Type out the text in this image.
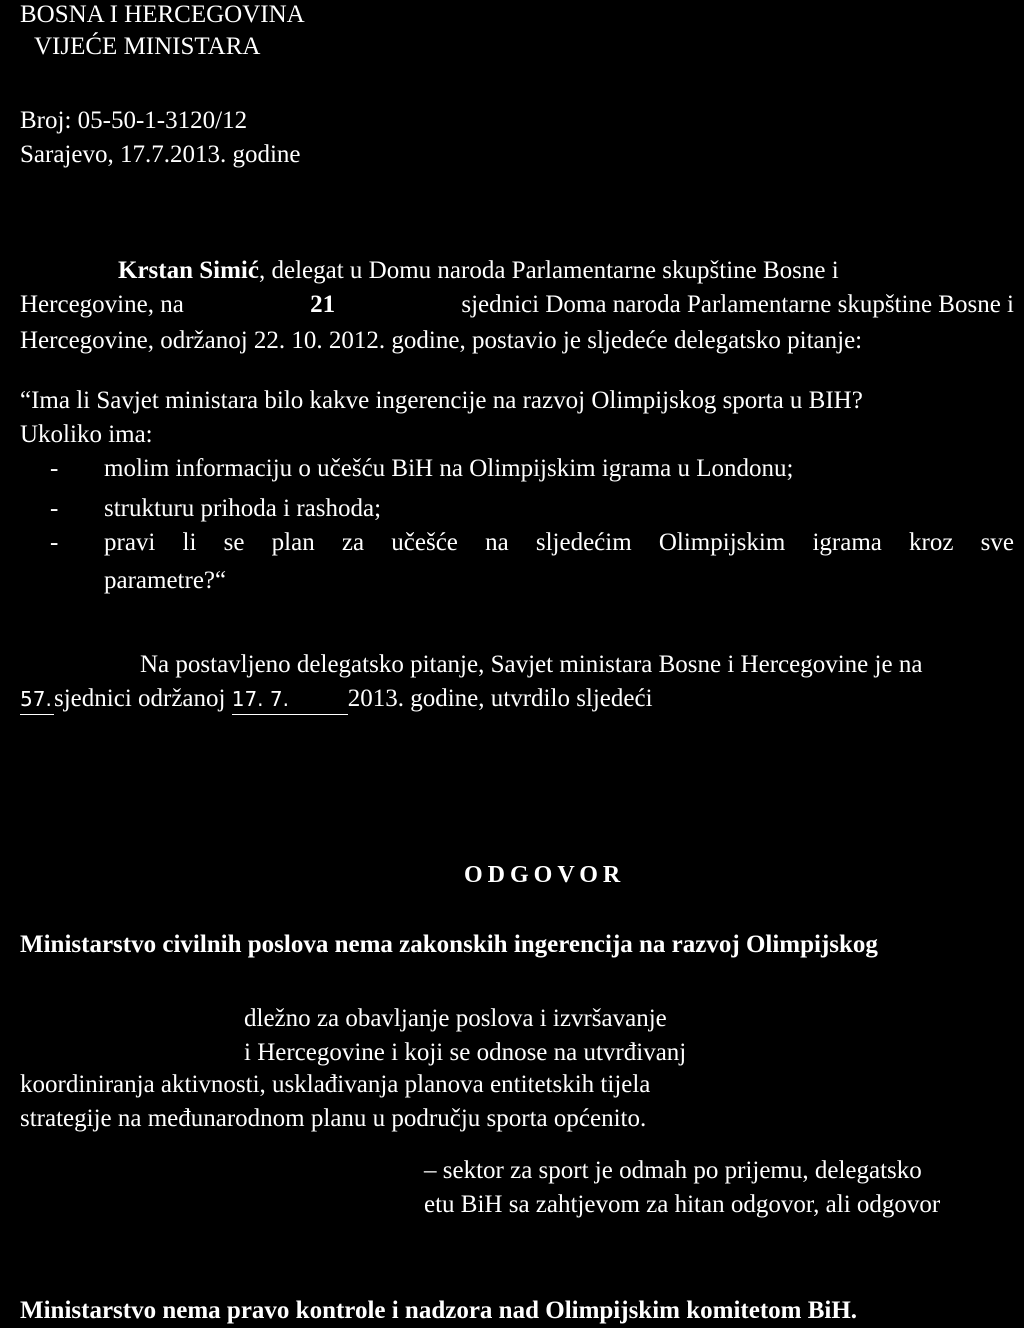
BOSNA I HERCEGOVINA
VIJEĆE MINISTARA
Broj: 05-50-1-3120/12
Sarajevo, 17.7.2013. godine
Krstan Simić, delegat u Domu naroda Parlamentarne skupštine Bosne i
Hercegovine, na	21	sjednici Doma naroda Parlamentarne skupštine Bosne i
Hercegovine, održanoj 22. 10. 2012. godine, postavio je sljedeće delegatsko pitanje:
“Ima li Savjet ministara bilo kakve ingerencije na razvoj Olimpijskog sporta u BIH?
Ukoliko ima:
- molim informaciju o učešću BiH na Olimpijskim igrama u Londonu;
- strukturu prihoda i rashoda;
- pravi li se plan za učešće na sljedećim Olimpijskim igrama kroz sve
parametre?“
Na postavljeno delegatsko pitanje, Savjet ministara Bosne i Hercegovine je na
57.sjednici održanoj 17. 7. 2013. godine, utvrdilo sljedeći
ODGOVOR
Ministarstvo civilnih poslova nema zakonskih ingerencija na razvoj Olimpijskog
dležno za obavljanje poslova i izvršavanje
i Hercegovine i koji se odnose na utvrđivanj
koordiniranja aktivnosti, usklađivanja planova entitetskih tijela
strategije na međunarodnom planu u području sporta općenito.
– sektor za sport je odmah po prijemu, delegatsko
etu BiH sa zahtjevom za hitan odgovor, ali odgovor
Ministarstvo nema pravo kontrole i nadzora nad Olimpijskim komitetom BiH.
